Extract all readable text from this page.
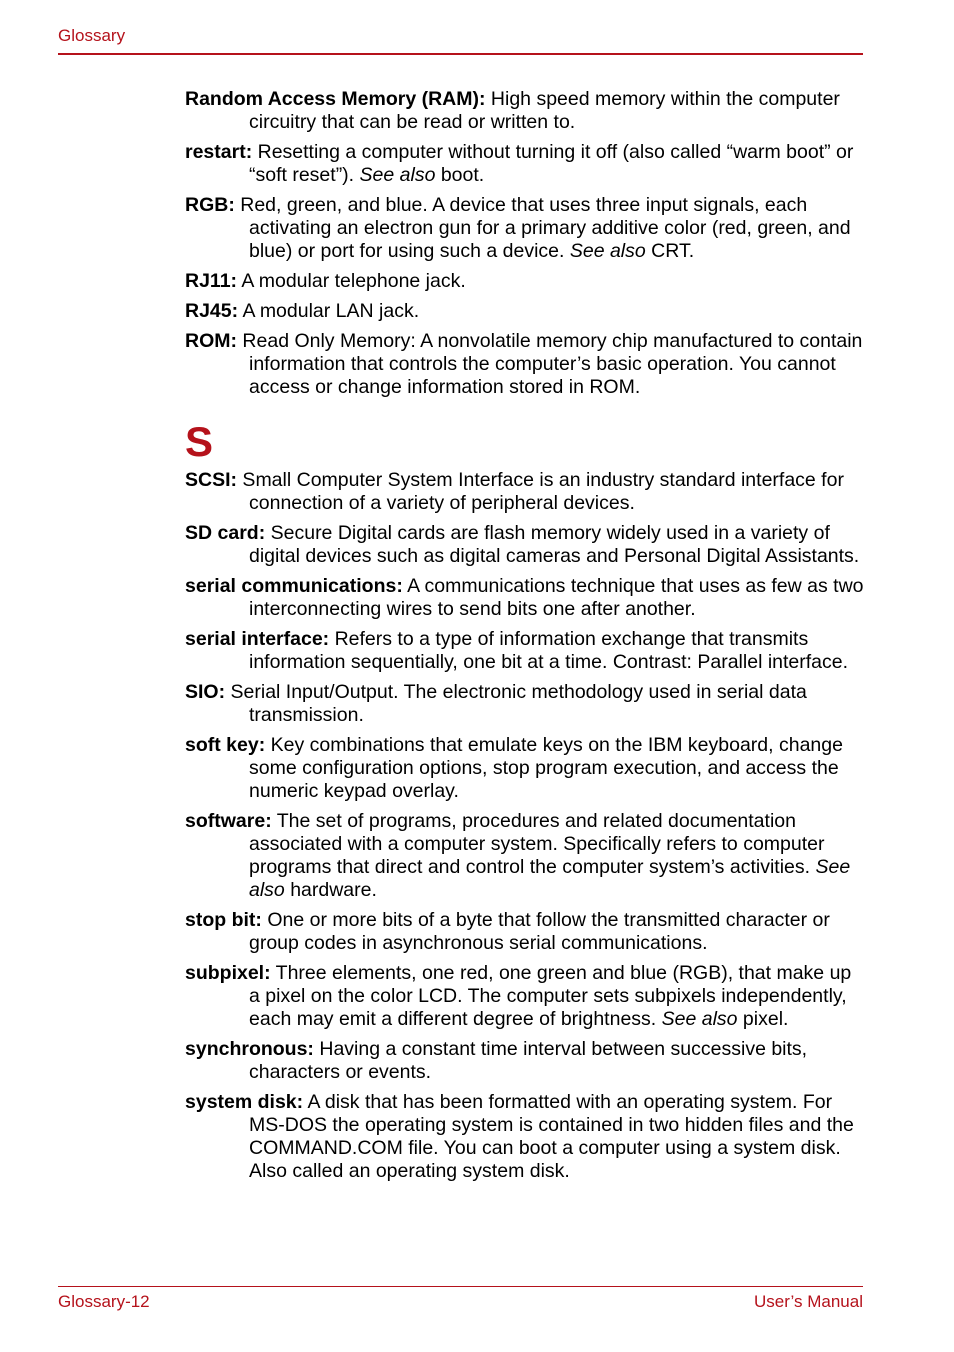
Glossary

Random Access Memory (RAM): High speed memory within the computer circuitry that can be read or written to.

restart: Resetting a computer without turning it off (also called “warm boot” or “soft reset”). See also boot.

RGB: Red, green, and blue. A device that uses three input signals, each activating an electron gun for a primary additive color (red, green, and blue) or port for using such a device. See also CRT.

RJ11: A modular telephone jack.

RJ45: A modular LAN jack.

ROM: Read Only Memory: A nonvolatile memory chip manufactured to contain information that controls the computer’s basic operation. You cannot access or change information stored in ROM.

S

SCSI: Small Computer System Interface is an industry standard interface for connection of a variety of peripheral devices.

SD card: Secure Digital cards are flash memory widely used in a variety of digital devices such as digital cameras and Personal Digital Assistants.

serial communications: A communications technique that uses as few as two interconnecting wires to send bits one after another.

serial interface: Refers to a type of information exchange that transmits information sequentially, one bit at a time. Contrast: Parallel interface.

SIO: Serial Input/Output. The electronic methodology used in serial data transmission.

soft key: Key combinations that emulate keys on the IBM keyboard, change some configuration options, stop program execution, and access the numeric keypad overlay.

software: The set of programs, procedures and related documentation associated with a computer system. Specifically refers to computer programs that direct and control the computer system’s activities. See also hardware.

stop bit: One or more bits of a byte that follow the transmitted character or group codes in asynchronous serial communications.

subpixel: Three elements, one red, one green and blue (RGB), that make up a pixel on the color LCD. The computer sets subpixels independently, each may emit a different degree of brightness. See also pixel.

synchronous: Having a constant time interval between successive bits, characters or events.

system disk: A disk that has been formatted with an operating system. For MS-DOS the operating system is contained in two hidden files and the COMMAND.COM file. You can boot a computer using a system disk. Also called an operating system disk.

Glossary-12	User’s Manual
